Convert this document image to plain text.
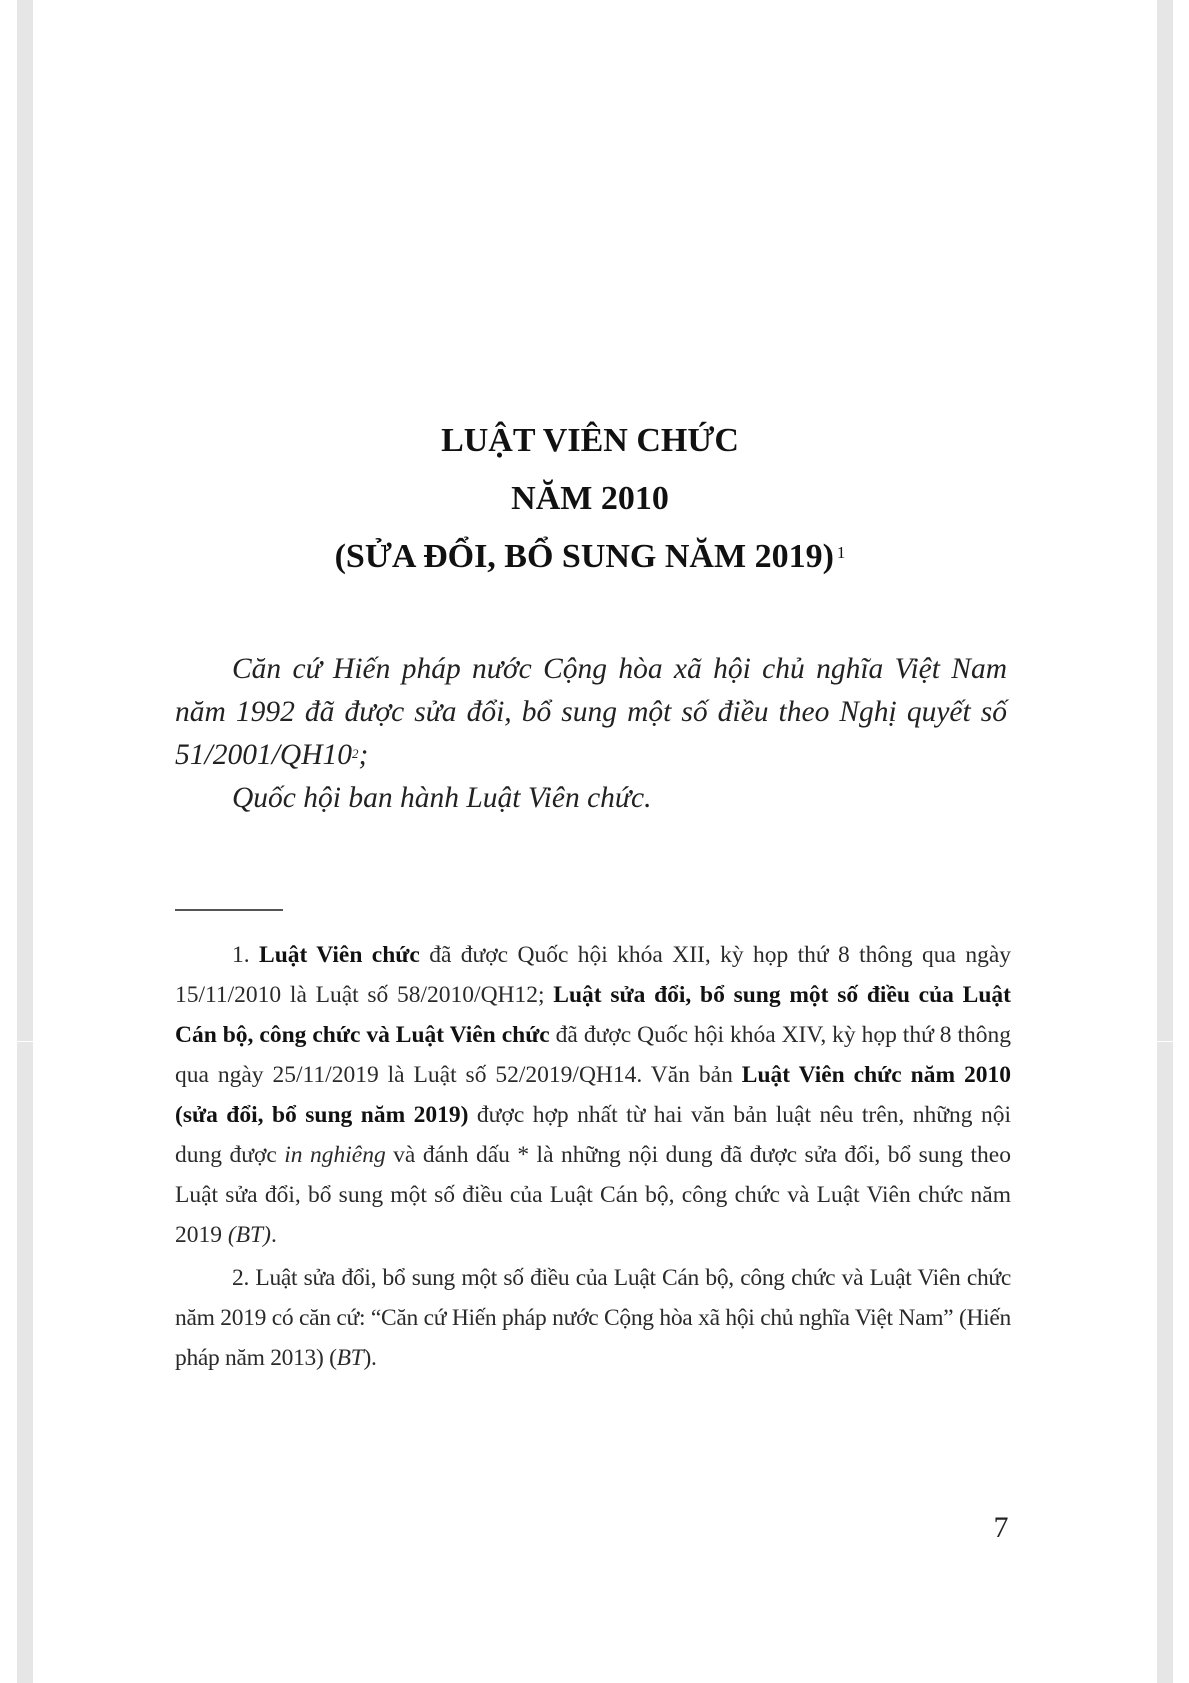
LUẬT VIÊN CHỨC
NĂM 2010
(SỬA ĐỔI, BỔ SUNG NĂM 2019) $^1$

Căn cứ Hiến pháp nước Cộng hòa xã hội chủ nghĩa Việt Nam năm 1992 đã được sửa đổi, bổ sung một số điều theo Nghị quyết số $51/2001/QH10^2$;

Quốc hội ban hành Luật Viên chức.

1. Luật Viên chức đã được Quốc hội khóa XII, kỳ họp thứ 8 thông qua ngày 15/11/2010 là Luật số 58/2010/QH12; Luật sửa đổi, bổ sung một số điều của Luật Cán bộ, công chức và Luật Viên chức đã được Quốc hội khóa XIV, kỳ họp thứ 8 thông qua ngày 25/11/2019 là Luật số 52/2019/QH14. Văn bản Luật Viên chức năm 2010 (sửa đổi, bổ sung năm 2019) được hợp nhất từ hai văn bản luật nêu trên, những nội dung được in nghiêng và đánh dấu * là những nội dung đã được sửa đổi, bổ sung theo Luật sửa đổi, bổ sung một số điều của Luật Cán bộ, công chức và Luật Viên chức năm 2019 (BT).

2. Luật sửa đổi, bổ sung một số điều của Luật Cán bộ, công chức và Luật Viên chức năm 2019 có căn cứ: “Căn cứ Hiến pháp nước Cộng hòa xã hội chủ nghĩa Việt Nam” (Hiến pháp năm 2013) (BT).

7
